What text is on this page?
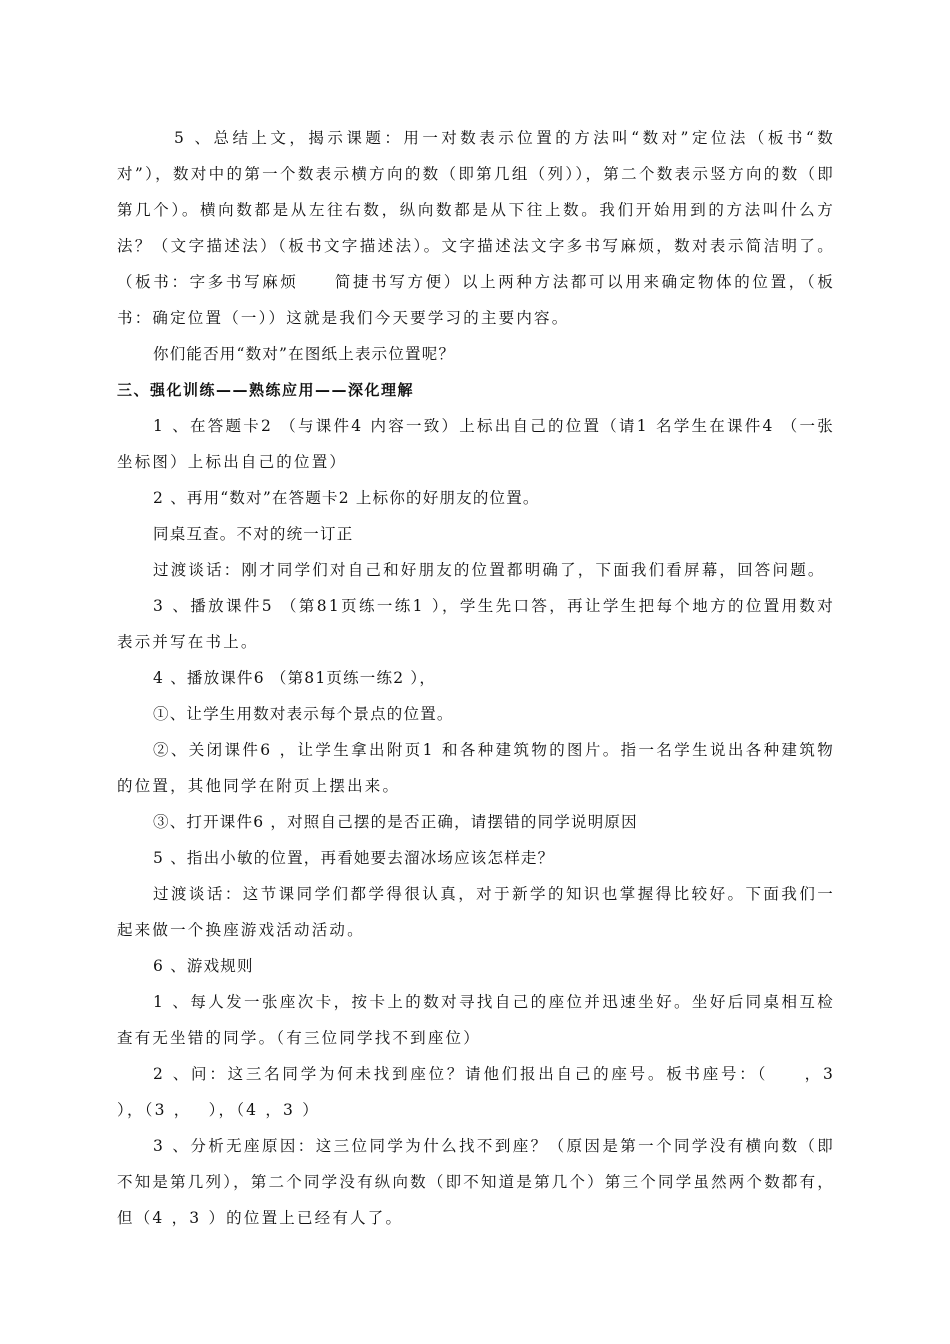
5 、总结上文，揭示课题：用一对数表示位置的方法叫“数对”定位法（板书“数对”），数对中的第一个数表示横方向的数（即第几组（列）），第二个数表示竖方向的数（即第几个）。横向数都是从左往右数，纵向数都是从下往上数。我们开始用到的方法叫什么方法？（文字描述法）（板书文字描述法）。文字描述法文字多书写麻烦，数对表示简洁明了。（板书：字多书写麻烦　　简捷书写方便）以上两种方法都可以用来确定物体的位置，（板书：确定位置（一））这就是我们今天要学习的主要内容。

你们能否用“数对”在图纸上表示位置呢？

三、强化训练——熟练应用——深化理解

1 、在答题卡2 （与课件4 内容一致）上标出自己的位置（请1 名学生在课件4 （一张坐标图）上标出自己的位置）

2 、再用“数对”在答题卡2 上标你的好朋友的位置。

同桌互查。不对的统一订正

过渡谈话：刚才同学们对自己和好朋友的位置都明确了，下面我们看屏幕，回答问题。

3 、播放课件5 （第81页练一练1 ），学生先口答，再让学生把每个地方的位置用数对表示并写在书上。

4 、播放课件6 （第81页练一练2 ），

①、让学生用数对表示每个景点的位置。

②、关闭课件6 ，让学生拿出附页1 和各种建筑物的图片。指一名学生说出各种建筑物的位置，其他同学在附页上摆出来。

③、打开课件6 ，对照自己摆的是否正确，请摆错的同学说明原因

5 、指出小敏的位置，再看她要去溜冰场应该怎样走？

过渡谈话：这节课同学们都学得很认真，对于新学的知识也掌握得比较好。下面我们一起来做一个换座游戏活动活动。

6 、游戏规则

1 、每人发一张座次卡，按卡上的数对寻找自己的座位并迅速坐好。坐好后同桌相互检查有无坐错的同学。（有三位同学找不到座位）

2 、问：这三名同学为何未找到座位？请他们报出自己的座号。板书座号：（　　，3 ），（3 ，　 ），（4 ，3 ）

3 、分析无座原因：这三位同学为什么找不到座？（原因是第一个同学没有横向数（即不知是第几列），第二个同学没有纵向数（即不知道是第几个）第三个同学虽然两个数都有，但（4 ，3 ）的位置上已经有人了。
